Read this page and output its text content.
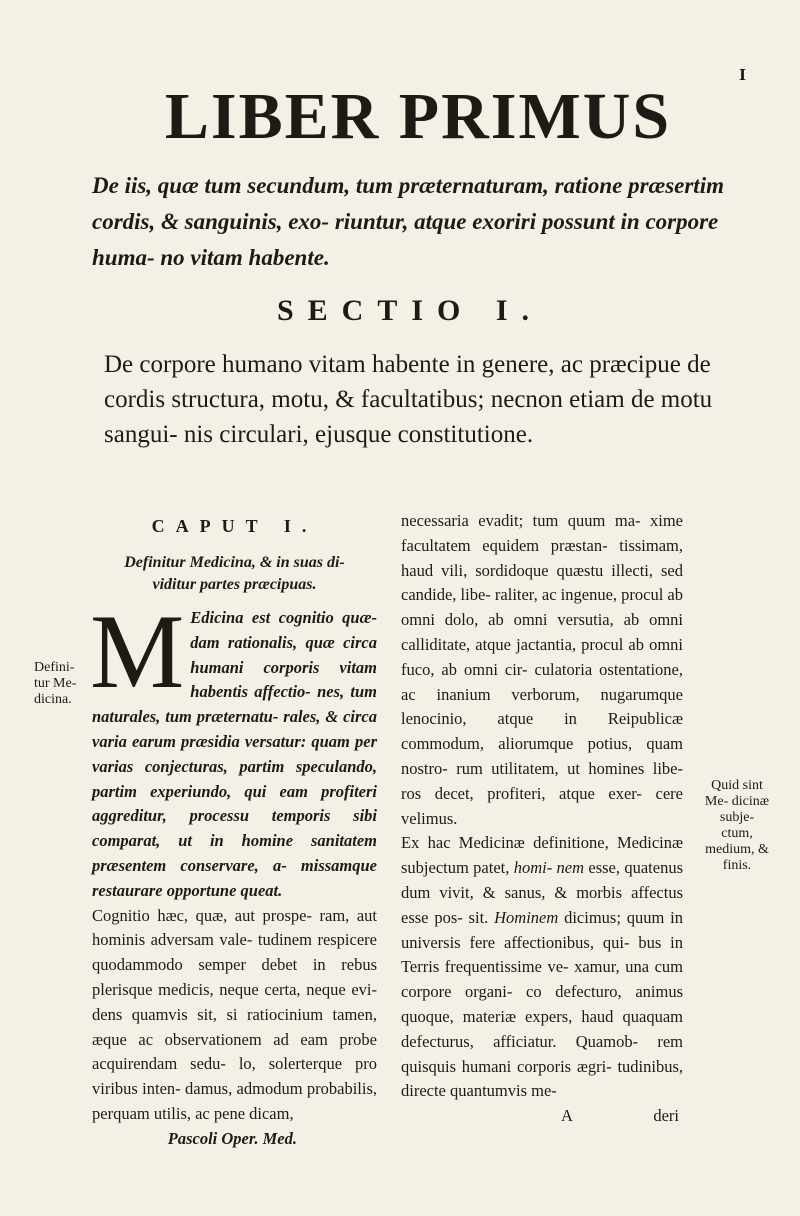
I
LIBER PRIMUS
De iis, quæ tum secundum, tum præternaturam, ratione præsertim cordis, & sanguinis, exo- riuntur, atque exoriri possunt in corpore huma- no vitam habente.
SECTIO I.
De corpore humano vitam habente in genere, ac præcipue de cordis structura, motu, & facultatibus; necnon etiam de motu sangui- nis circulari, ejusque constitutione.
Defini- tur Me- dicina.
Quid sint Me- dicinæ subje- ctum, medium, & finis.
CAPUT I.
Definitur Medicina, & in suas di- viditur partes præcipuas.

M Edicina est cognitio quæ- dam rationalis, quæ circa humani corporis vitam habentis affectio- nes, tum naturales, tum præternatu- rales, & circa varia earum præsidia versatur: quam per varias conjecturas, partim speculando, partim experiundo, qui eam profiteri aggreditur, processu temporis sibi comparat, ut in homine sanitatem præsentem conservare, a- missamque restaurare opportune queat.

Cognitio hæc, quæ, aut prospe- ram, aut hominis adversam vale- tudinem respicere quodammodo semper debet in rebus plerisque medicis, neque certa, neque evi- dens quamvis sit, si ratiocinium tamen, æque ac observationem ad eam probe acquirendam sedu- lo, solerterque pro viribus inten- damus, admodum probabilis, perquam utilis, ac pene dicam,

Pascoli Oper. Med.

necessaria evadit; tum quum ma- xime facultatem equidem præstan- tissimam, haud vili, sordidoque quæstu illecti, sed candide, libe- raliter, ac ingenue, procul ab omni dolo, ab omni versutia, ab omni calliditate, atque jactantia, procul ab omni fuco, ab omni cir- culatoria ostentatione, ac inanium verborum, nugarumque lenocinio, atque in Reipublicæ commodum, aliorumque potius, quam nostro- rum utilitatem, ut homines libe- ros decet, profiteri, atque exer- cere velimus.

Ex hac Medicinæ definitione, Medicinæ subjectum patet, homi- nem esse, quatenus dum vivit, & sanus, & morbis affectus esse pos- sit. Hominem dicimus; quum in universis fere affectionibus, qui- bus in Terris frequentissime ve- xamur, una cum corpore organi- co defecturo, animus quoque, materiæ expers, haud quaquam defecturus, afficiatur. Quamob- rem quisquis humani corporis ægri- tudinibus, directe quantumvis me-

A	deri
